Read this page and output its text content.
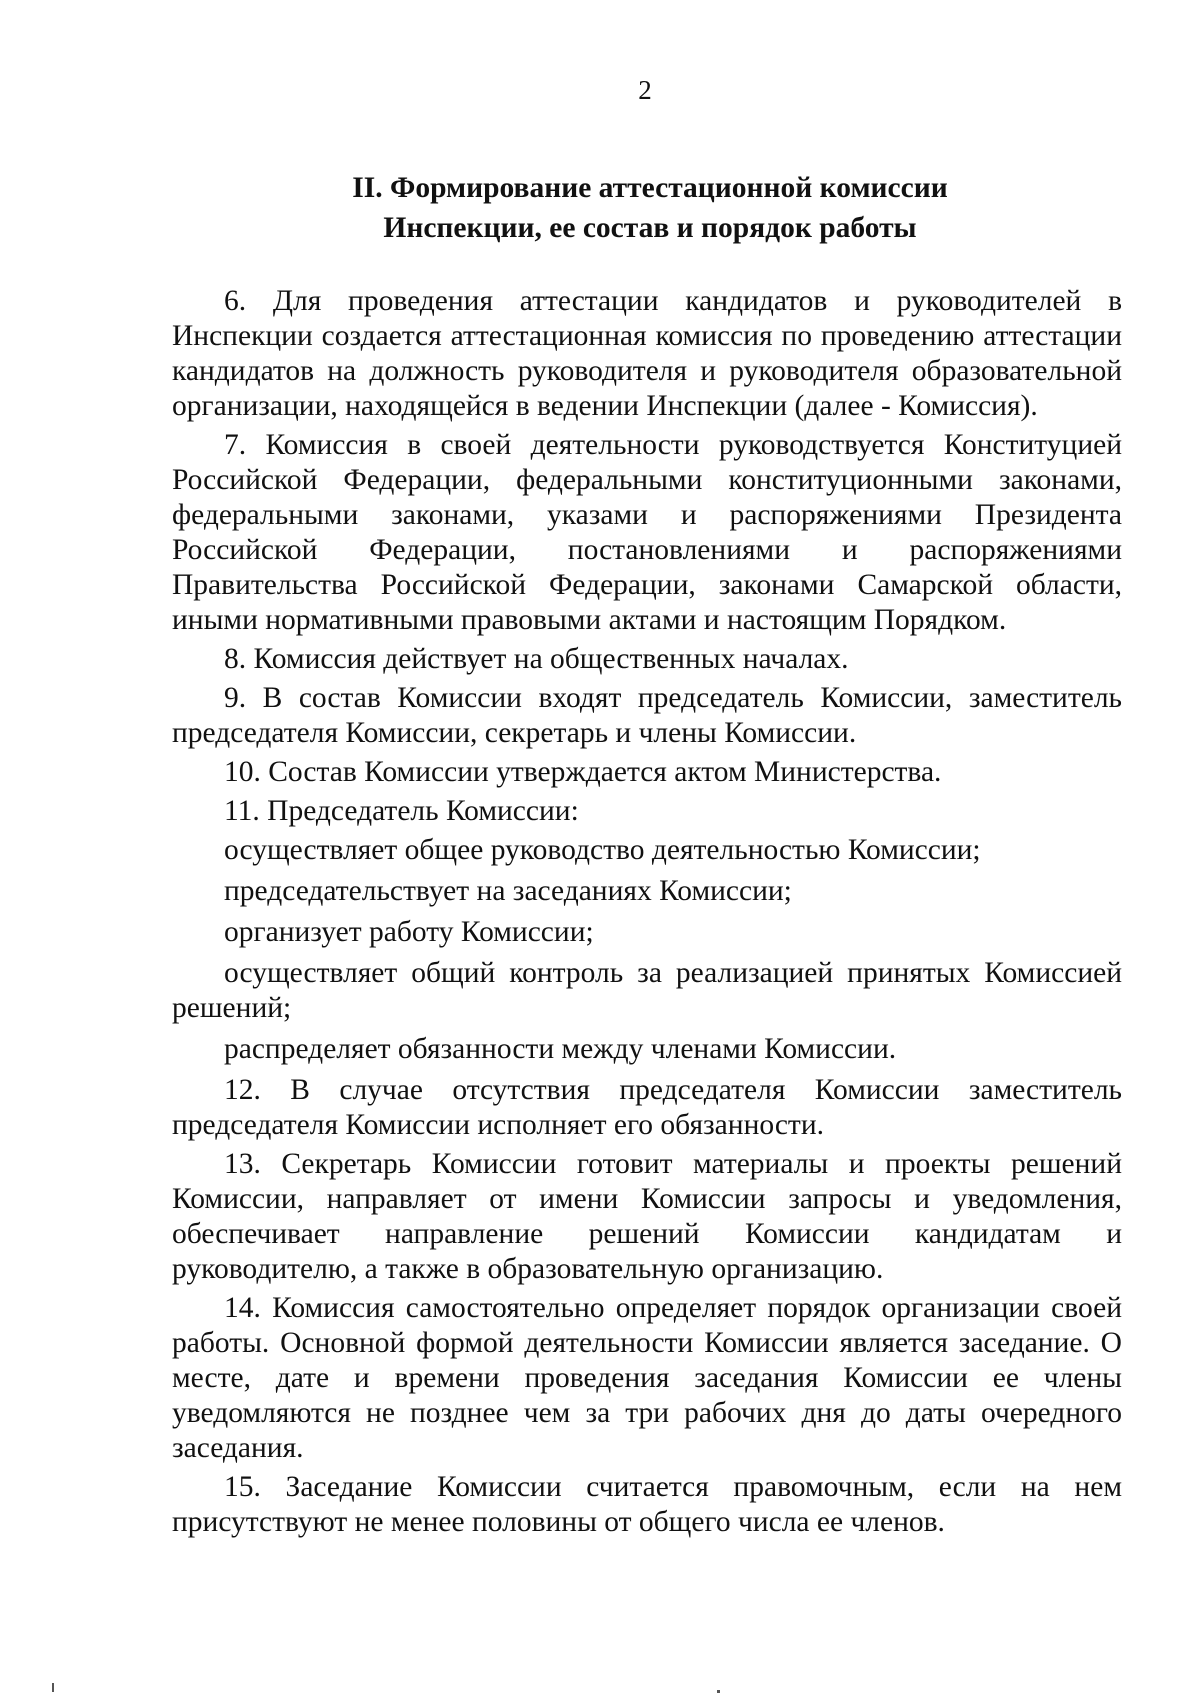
2
II. Формирование аттестационной комиссии
Инспекции, ее состав и порядок работы

6. Для проведения аттестации кандидатов и руководителей в Инспекции создается аттестационная комиссия по проведению аттестации кандидатов на должность руководителя и руководителя образовательной организации, находящейся в ведении Инспекции (далее - Комиссия).

7. Комиссия в своей деятельности руководствуется Конституцией Российской Федерации, федеральными конституционными законами, федеральными законами, указами и распоряжениями Президента Российской Федерации, постановлениями и распоряжениями Правительства Российской Федерации, законами Самарской области, иными нормативными правовыми актами и настоящим Порядком.

8. Комиссия действует на общественных началах.

9. В состав Комиссии входят председатель Комиссии, заместитель председателя Комиссии, секретарь и члены Комиссии.

10. Состав Комиссии утверждается актом Министерства.

11. Председатель Комиссии:

осуществляет общее руководство деятельностью Комиссии;

председательствует на заседаниях Комиссии;

организует работу Комиссии;

осуществляет общий контроль за реализацией принятых Комиссией решений;

распределяет обязанности между членами Комиссии.

12. В случае отсутствия председателя Комиссии заместитель председателя Комиссии исполняет его обязанности.

13. Секретарь Комиссии готовит материалы и проекты решений Комиссии, направляет от имени Комиссии запросы и уведомления, обеспечивает направление решений Комиссии кандидатам и руководителю, а также в образовательную организацию.

14. Комиссия самостоятельно определяет порядок организации своей работы. Основной формой деятельности Комиссии является заседание. О месте, дате и времени проведения заседания Комиссии ее члены уведомляются не позднее чем за три рабочих дня до даты очередного заседания.

15. Заседание Комиссии считается правомочным, если на нем присутствуют не менее половины от общего числа ее членов.
